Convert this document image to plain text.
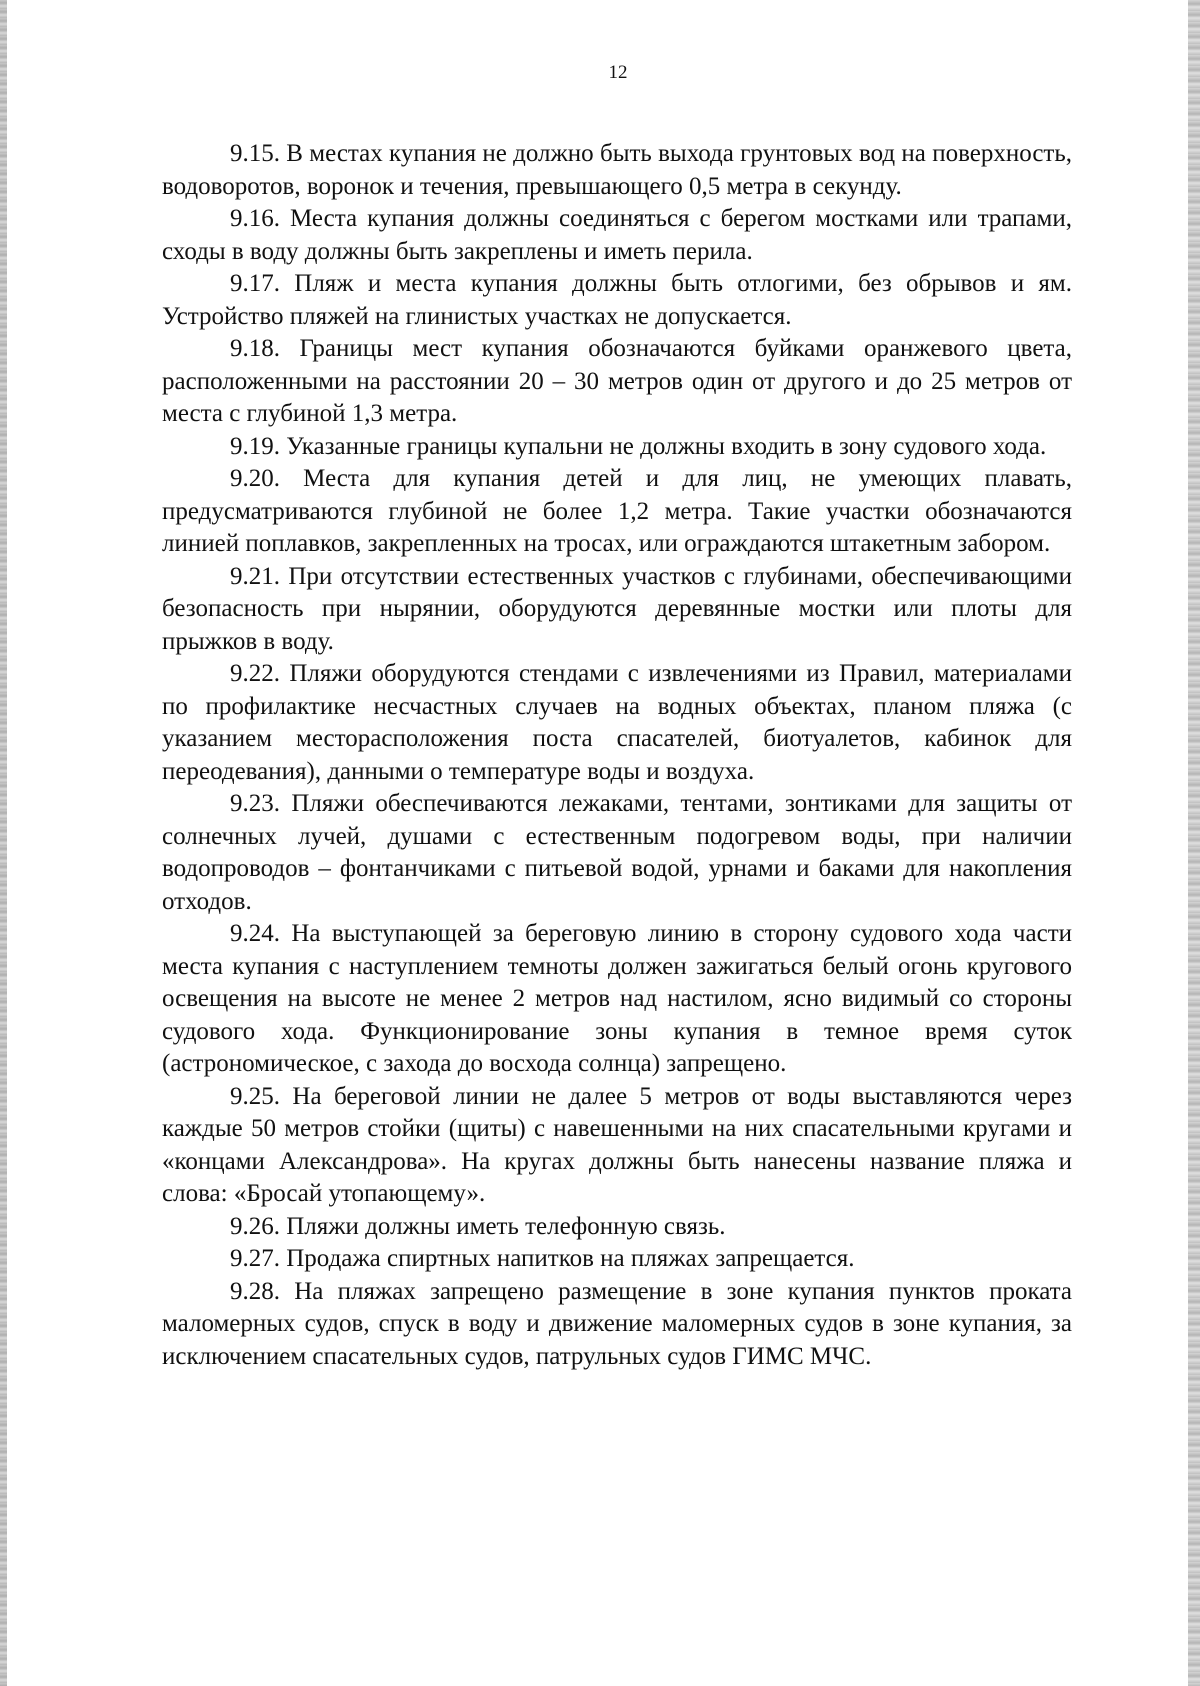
12

9.15. В местах купания не должно быть выхода грунтовых вод на поверхность, водоворотов, воронок и течения, превышающего 0,5 метра в секунду.

9.16. Места купания должны соединяться с берегом мостками или трапами, сходы в воду должны быть закреплены и иметь перила.

9.17. Пляж и места купания должны быть отлогими, без обрывов и ям. Устройство пляжей на глинистых участках не допускается.

9.18. Границы мест купания обозначаются буйками оранжевого цвета, расположенными на расстоянии 20 – 30 метров один от другого и до 25 метров от места с глубиной 1,3 метра.

9.19. Указанные границы купальни не должны входить в зону судового хода.

9.20. Места для купания детей и для лиц, не умеющих плавать, предусматриваются глубиной не более 1,2 метра. Такие участки обозначаются линией поплавков, закрепленных на тросах, или ограждаются штакетным забором.

9.21. При отсутствии естественных участков с глубинами, обеспечивающими безопасность при нырянии, оборудуются деревянные мостки или плоты для прыжков в воду.

9.22. Пляжи оборудуются стендами с извлечениями из Правил, материалами по профилактике несчастных случаев на водных объектах, планом пляжа (с указанием месторасположения поста спасателей, биотуалетов, кабинок для переодевания), данными о температуре воды и воздуха.

9.23. Пляжи обеспечиваются лежаками, тентами, зонтиками для защиты от солнечных лучей, душами с естественным подогревом воды, при наличии водопроводов – фонтанчиками с питьевой водой, урнами и баками для накопления отходов.

9.24. На выступающей за береговую линию в сторону судового хода части места купания с наступлением темноты должен зажигаться белый огонь кругового освещения на высоте не менее 2 метров над настилом, ясно видимый со стороны судового хода. Функционирование зоны купания в темное время суток (астрономическое, с захода до восхода солнца) запрещено.

9.25. На береговой линии не далее 5 метров от воды выставляются через каждые 50 метров стойки (щиты) с навешенными на них спасательными кругами и «концами Александрова». На кругах должны быть нанесены название пляжа и слова: «Бросай утопающему».

9.26. Пляжи должны иметь телефонную связь.

9.27. Продажа спиртных напитков на пляжах запрещается.

9.28. На пляжах запрещено размещение в зоне купания пунктов проката маломерных судов, спуск в воду и движение маломерных судов в зоне купания, за исключением спасательных судов, патрульных судов ГИМС МЧС.
